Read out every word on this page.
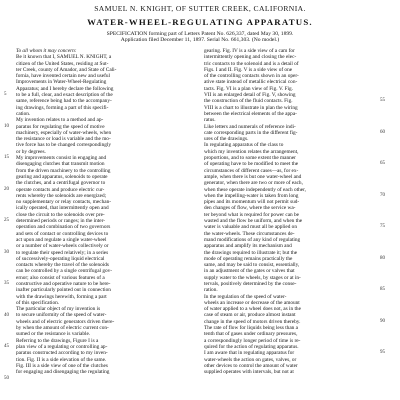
SAMUEL N. KNIGHT, OF SUTTER CREEK, CALIFORNIA.
WATER-WHEEL-REGULATING APPARATUS.
SPECIFICATION forming part of Letters Patent No. 626,337, dated May 30, 1899.
Application filed December 11, 1897. Serial No. 661,303. (No model.)
To all whom it may concern:
Be it known that I, SAMUEL N. KNIGHT, a
citizen of the United States, residing at Sut-
ter Creek, county of Amador, and State of Cali-
fornia, have invented certain new and useful
Improvements in Water-Wheel-Regulating
Apparatus; and I hereby declare the following
to be a full, clear, and exact description of the
same, reference being had to the accompany-
ing drawings, forming a part of this specifi-
cation.
My invention relates to a method and ap-
paratus for regulating the speed of motive
machinery, especially of water-wheels, when
the resistance or load is variable and the mo-
tive force has to be changed correspondingly
or by degrees.
My improvements consist in engaging and
disengaging clutches that transmit motion
from the driven machinery to the controlling
gearing and apparatus, solenoids to operate
the clutches, and a centrifugal governor to
operate contacts and produce electric cur-
rents whereby the solenoids are energized;
no supplementary or relay contacts, mechan-
ically operated, that intermittently open and
close the circuit to the solenoids over pre-
determined periods or ranges; in the inter-
operation and combination of two governors
and sets of contact or controlling devices to
act upon and regulate a single water-wheel
or a number of water-wheels collectively or
to regulate their speed relatively; in a series
of successively-operating liquid electrical
contacts whereby the travel of the solenoids
can be controlled by a single centrifugal gov-
ernor; also consist of various features of a
constructive and operative nature to be here-
inafter particularly pointed out in connection
with the drawings herewith, forming a part
of this specification.
The particular object of my invention is
to secure uniformity of the speed of water-
wheels and of electric generators driven there-
by when the amount of electric current con-
sumed or the resistance is variable.
Referring to the drawings, Figure I is a
plan view of a regulating or controlling ap-
paratus constructed according to my inven-
tion. Fig. II is a side elevation of the same.
Fig. III is a side view of one of the clutches
for engaging and disengaging the regulating
gearing. Fig. IV is a side view of a cam for
intermittently opening and closing the elec-
tric contacts to the solenoid and is a detail of
Figs. I and II. Fig. V is a side view of one
of the controlling contacts shown in an oper-
ative state instead of metallic electrical con-
tacts. Fig. VI is a plan view of Fig. V. Fig.
VII is an enlarged detail of Fig. V, showing
the construction of the fluid contacts. Fig.
VIII is a chart to illustrate in plan the wiring
between the electrical elements of the appa-
ratus.
Like letters and numerals of reference indi-
cate corresponding parts in the different fig-
ures of the drawings.
In regulating apparatus of the class to
which my invention relates the arrangement,
proportions, and to some extent the manner
of operating have to be modified to meet the
circumstances of different cases—as, for ex-
ample, when there is but one water-wheel and
generator, when there are two or more of each,
when these operate independently of each other,
when the impelling-water is taken from long
pipes and its momentum will not permit sud-
den changes of flow, where the service wa-
ter beyond what is required for power can be
wasted and the flow be uniform, and when the
water is valuable and must all be applied on
the water-wheels. These circumstances de-
mand modifications of any kind of regulating
apparatus and amplify its mechanism and
the drawings required to illustrate it; but the
mode of operating remains practically the
same, and may be said to consist, essentially,
in an adjustment of the gates or valves that
supply water to the wheels, by stages or at in-
tervals, positively determined by the conse-
ration.
In the regulation of the speed of water-
wheels an increase or decrease of the amount
of water applied to a wheel does not, as in the
case of steam or air, produce almost instant
change in the speed of motors driven thereby.
The rate of flow for liquids being less than a
tenth that of gases under ordinary pressures,
a correspondingly longer period of time is re-
quired for the action of regulating apparatus.
I am aware that in regulating apparatus for
water-wheels the action on gates, valves, or
other devices to control the amount of water
supplied operates with intervals, but not at
5
10
15
20
25
30
35
40
45
50
55
60
65
70
75
80
85
90
95
